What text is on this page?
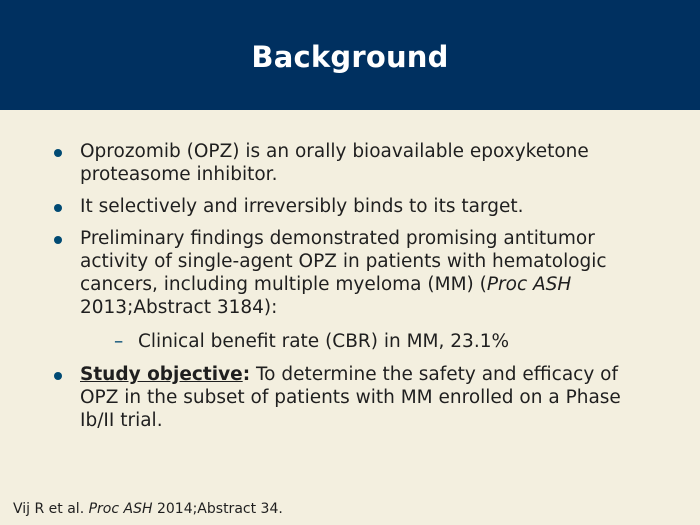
Background
Oprozomib (OPZ) is an orally bioavailable epoxyketone proteasome inhibitor.
It selectively and irreversibly binds to its target.
Preliminary findings demonstrated promising antitumor activity of single-agent OPZ in patients with hematologic cancers, including multiple myeloma (MM) (Proc ASH 2013;Abstract 3184):
– Clinical benefit rate (CBR) in MM, 23.1%
Study objective: To determine the safety and efficacy of OPZ in the subset of patients with MM enrolled on a Phase Ib/II trial.
Vij R et al. Proc ASH 2014;Abstract 34.
